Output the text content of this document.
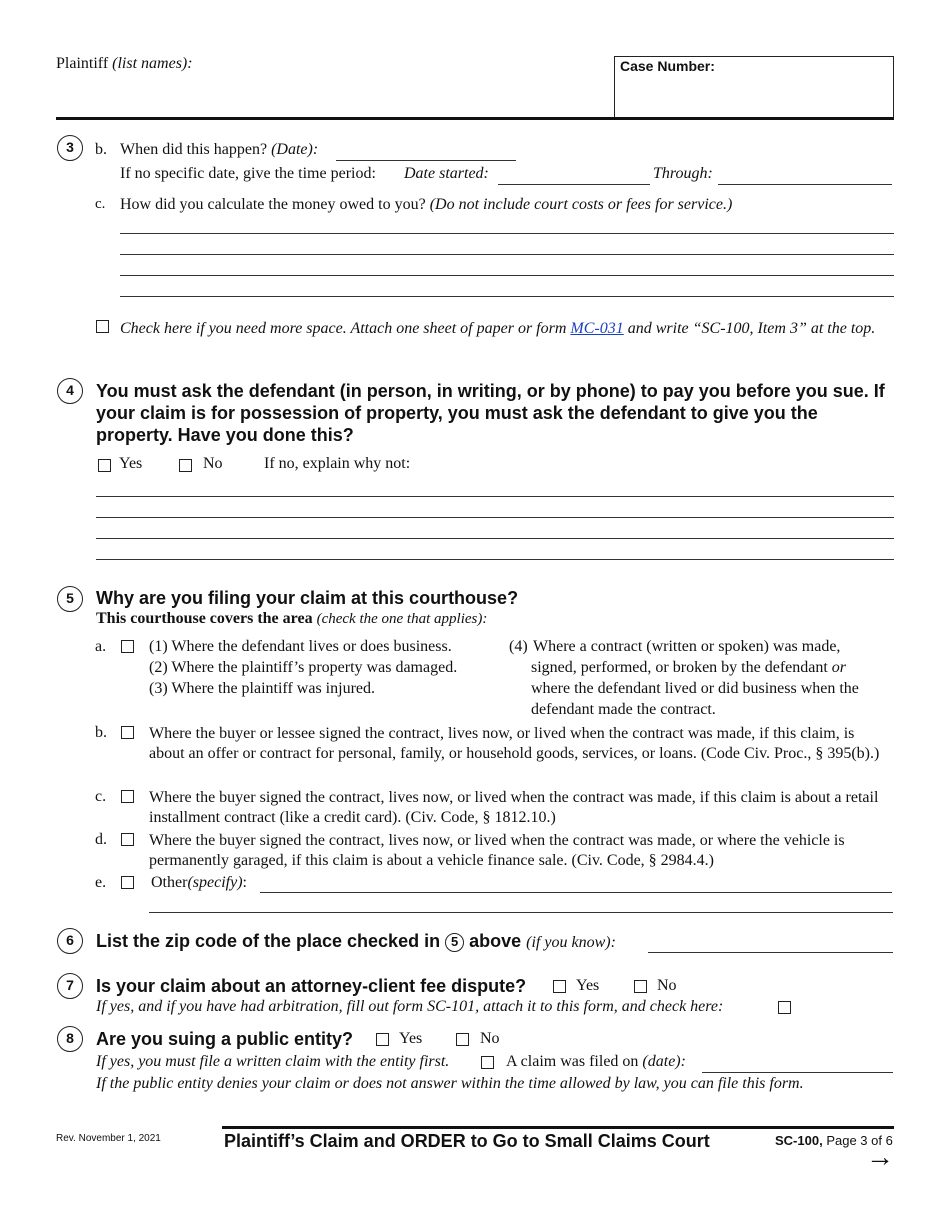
Plaintiff (list names):	Case Number:
3	b. When did this happen? (Date):
If no specific date, give the time period: Date started:	Through:
c. How did you calculate the money owed to you? (Do not include court costs or fees for service.)
Check here if you need more space. Attach one sheet of paper or form MC-031 and write “SC-100, Item 3” at the top.
4	You must ask the defendant (in person, in writing, or by phone) to pay you before you sue. If your claim is for possession of property, you must ask the defendant to give you the property. Have you done this?
Yes	No	If no, explain why not:
5	Why are you filing your claim at this courthouse?
This courthouse covers the area (check the one that applies):
a.	(1) Where the defendant lives or does business.
(2) Where the plaintiff’s property was damaged.
(3) Where the plaintiff was injured.
(4) Where a contract (written or spoken) was made,
signed, performed, or broken by the defendant or
where the defendant lived or did business when the
defendant made the contract.
b.	Where the buyer or lessee signed the contract, lives now, or lived when the contract was made, if this claim, is about an offer or contract for personal, family, or household goods, services, or loans. (Code Civ. Proc., § 395(b).)
c.	Where the buyer signed the contract, lives now, or lived when the contract was made, if this claim is about a retail installment contract (like a credit card). (Civ. Code, § 1812.10.)
d.	Where the buyer signed the contract, lives now, or lived when the contract was made, or where the vehicle is permanently garaged, if this claim is about a vehicle finance sale. (Civ. Code, § 2984.4.)
e.	Other(specify):
6	List the zip code of the place checked in 5 above (if you know):
7	Is your claim about an attorney-client fee dispute?	Yes	No
If yes, and if you have had arbitration, fill out form SC-101, attach it to this form, and check here:
8	Are you suing a public entity?	Yes	No
If yes, you must file a written claim with the entity first.	A claim was filed on (date):
If the public entity denies your claim or does not answer within the time allowed by law, you can file this form.
Rev. November 1, 2021	Plaintiff’s Claim and ORDER to Go to Small Claims Court	SC-100, Page 3 of 6
→
